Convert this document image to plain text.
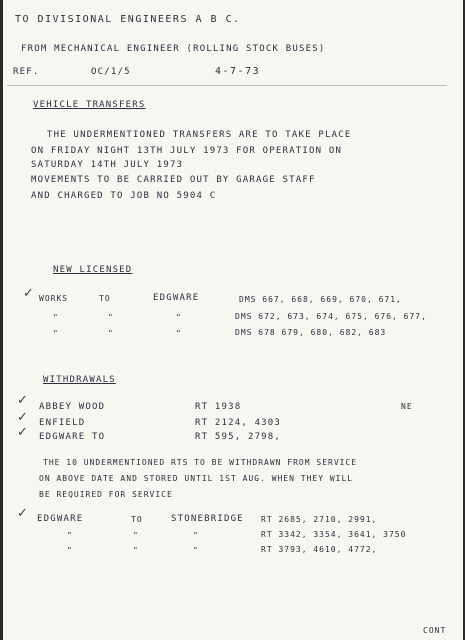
TO DIVISIONAL ENGINEERS A B C.
FROM MECHANICAL ENGINEER (ROLLING STOCK BUSES)
REF.	OC/1/5	4-7-73
VEHICLE TRANSFERS
THE UNDERMENTIONED TRANSFERS ARE TO TAKE PLACE
ON FRIDAY NIGHT 13TH JULY 1973 FOR OPERATION ON
SATURDAY 14TH JULY 1973
MOVEMENTS TO BE CARRIED OUT BY GARAGE STAFF
AND CHARGED TO JOB NO 5904 C
NEW LICENSED
✓ WORKS	TO	EDGWARE	DMS 667, 668, 669, 670, 671,
"	"	"	DMS 672, 673, 674, 675, 676, 677,
"	"	"	DMS 678 679, 680, 682, 683
WITHDRAWALS
✓ ABBEY WOOD	RT 1938	NE
✓ ENFIELD	RT 2124, 4303
✓ EDGWARE TO	RT 595, 2798,
THE 10 UNDERMENTIONED RTS TO BE WITHDRAWN FROM SERVICE
ON ABOVE DATE AND STORED UNTIL 1ST AUG. WHEN THEY WILL
BE REQUIRED FOR SERVICE
✓ EDGWARE	TO	STONEBRIDGE RT 2685, 2710, 2991,
"	"	"	RT 3342, 3354, 3641, 3750
"	"	"	RT 3793, 4610, 4772,
CONT
